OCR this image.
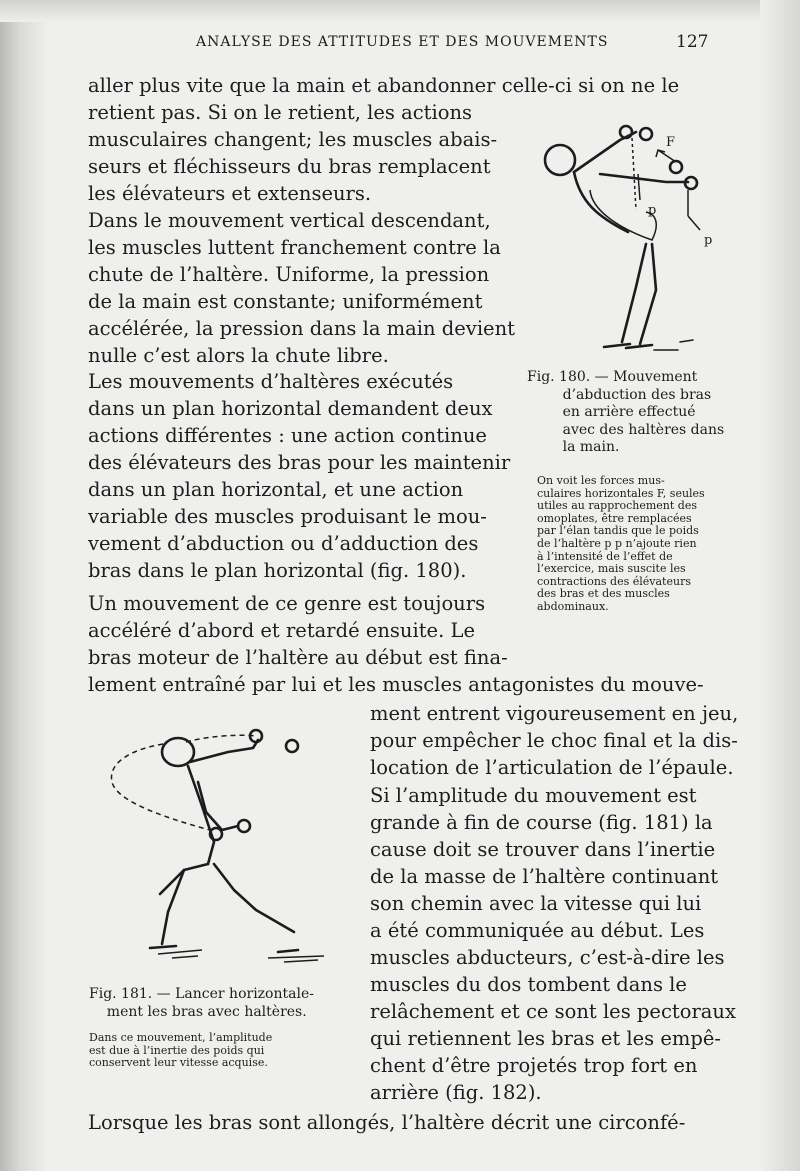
ANALYSE DES ATTITUDES ET DES MOUVEMENTS	127

aller plus vite que la main et abandonner celle-ci si on ne le
retient pas. Si on le retient, les actions
musculaires changent; les muscles abais-
seurs et fléchisseurs du bras remplacent
les élévateurs et extenseurs.

Dans le mouvement vertical descendant,
les muscles luttent franchement contre la
chute de l’haltère. Uniforme, la pression
de la main est constante; uniformément
accélérée, la pression dans la main devient
nulle c’est alors la chute libre.

Les mouvements d’haltères exécutés
dans un plan horizontal demandent deux
actions différentes : une action continue
des élévateurs des bras pour les maintenir
dans un plan horizontal, et une action
variable des muscles produisant le mou-
vement d’abduction ou d’adduction des
bras dans le plan horizontal (fig. 180).

Un mouvement de ce genre est toujours
accéléré d’abord et retardé ensuite. Le
bras moteur de l’haltère au début est fina-
lement entraîné par lui et les muscles antagonistes du mouve-

ment entrent vigoureusement en jeu,
pour empêcher le choc final et la dis-
location de l’articulation de l’épaule.

Si l’amplitude du mouvement est
grande à fin de course (fig. 181) la
cause doit se trouver dans l’inertie
de la masse de l’haltère continuant
son chemin avec la vitesse qui lui
a été communiquée au début. Les
muscles abducteurs, c’est-à-dire les
muscles du dos tombent dans le
relâchement et ce sont les pectoraux
qui retiennent les bras et les empê-
chent d’être projetés trop fort en
arrière (fig. 182).

Lorsque les bras sont allongés, l’haltère décrit une circonfé-

F
p
p

Fig. 180. — Mouvement
d’abduction des bras
en arrière effectué
avec des haltères dans
la main.

On voit les forces mus-
culaires horizontales F, seules
utiles au rapprochement des
omoplates, être remplacées
par l’élan tandis que le poids
de l’haltère p p n’ajoute rien
à l’intensité de l’effet de
l’exercice, mais suscite les
contractions des élévateurs
des bras et des muscles
abdominaux.

Fig. 181. — Lancer horizontale-
ment les bras avec haltères.

Dans ce mouvement, l’amplitude
est due à l’inertie des poids qui
conservent leur vitesse acquise.
